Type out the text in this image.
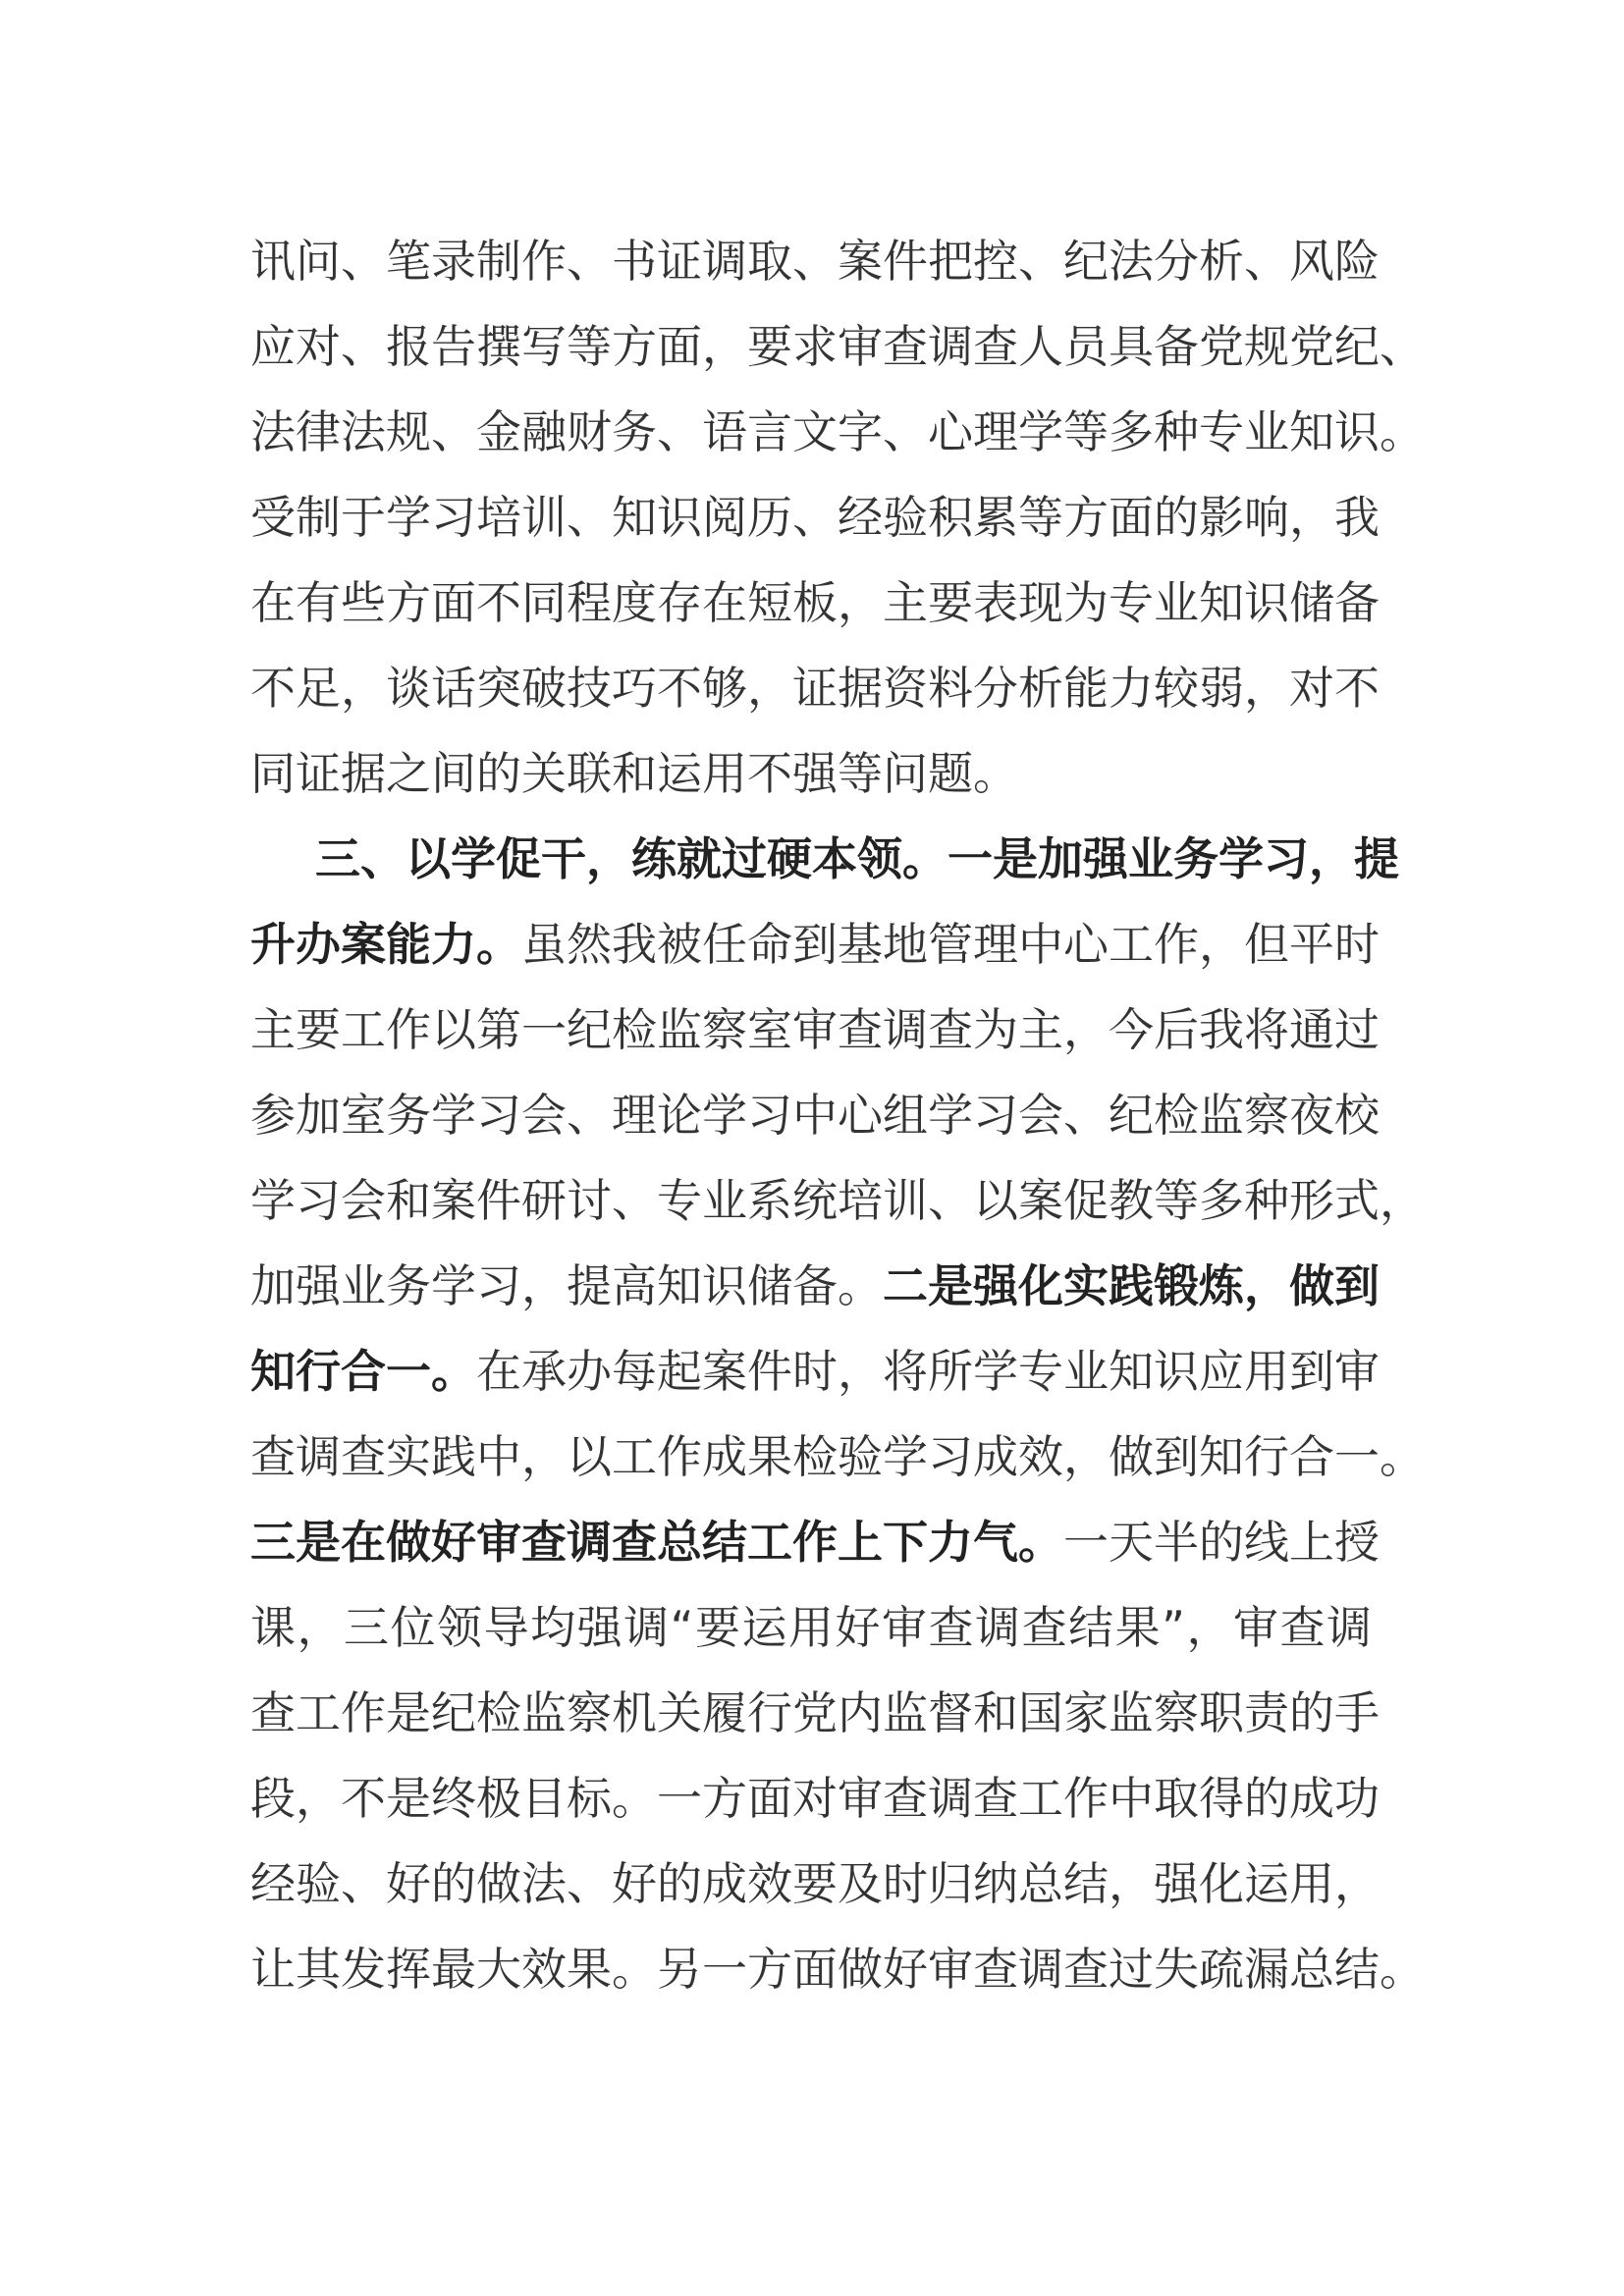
讯问、笔录制作、书证调取、案件把控、纪法分析、风险
应对、报告撰写等方面，要求审查调查人员具备党规党纪、
法律法规、金融财务、语言文字、心理学等多种专业知识。
受制于学习培训、知识阅历、经验积累等方面的影响，我
在有些方面不同程度存在短板，主要表现为专业知识储备
不足，谈话突破技巧不够，证据资料分析能力较弱，对不
同证据之间的关联和运用不强等问题。
三、以学促干，练就过硬本领。一是加强业务学习，提
升办案能力。虽然我被任命到基地管理中心工作，但平时
主要工作以第一纪检监察室审查调查为主，今后我将通过
参加室务学习会、理论学习中心组学习会、纪检监察夜校
学习会和案件研讨、专业系统培训、以案促教等多种形式，
加强业务学习，提高知识储备。二是强化实践锻炼，做到
知行合一。在承办每起案件时，将所学专业知识应用到审
查调查实践中，以工作成果检验学习成效，做到知行合一。
三是在做好审查调查总结工作上下力气。一天半的线上授
课，三位领导均强调“要运用好审查调查结果”，审查调
查工作是纪检监察机关履行党内监督和国家监察职责的手
段，不是终极目标。一方面对审查调查工作中取得的成功
经验、好的做法、好的成效要及时归纳总结，强化运用，
让其发挥最大效果。另一方面做好审查调查过失疏漏总结。
